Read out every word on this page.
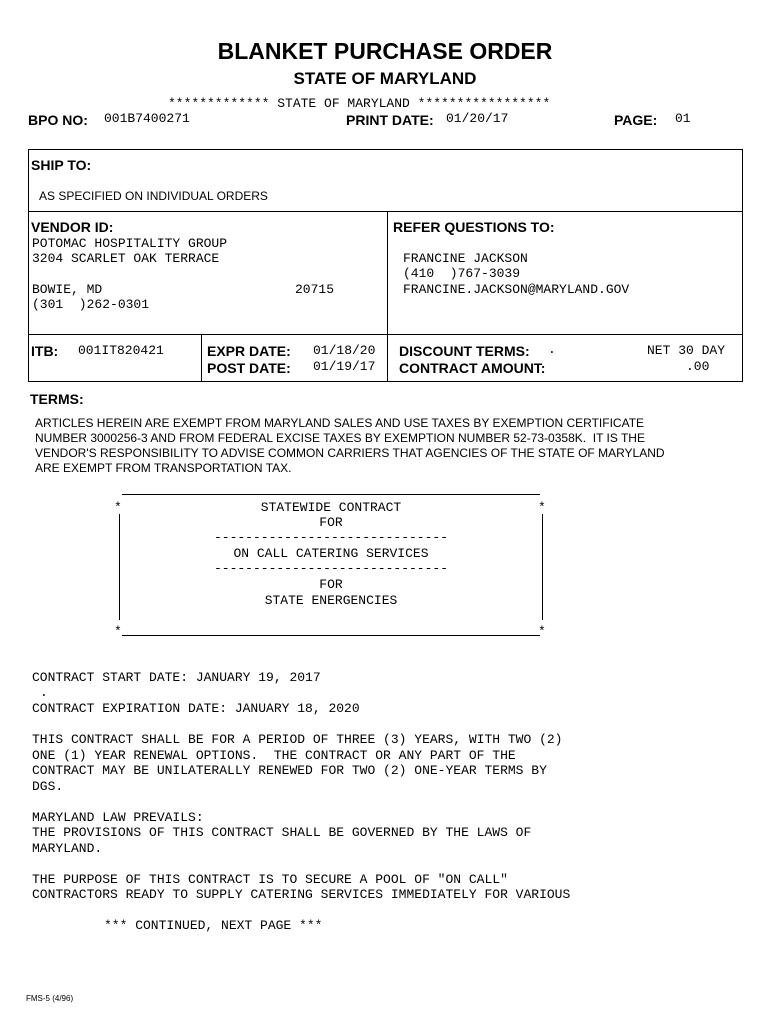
BLANKET PURCHASE ORDER
STATE OF MARYLAND
************* STATE OF MARYLAND *****************
BPO NO: 001B7400271	PRINT DATE: 01/20/17	PAGE: 01
SHIP TO:
AS SPECIFIED ON INDIVIDUAL ORDERS
VENDOR ID:
POTOMAC HOSPITALITY GROUP
3204 SCARLET OAK TERRACE
BOWIE, MD	20715
(301  )262-0301
REFER QUESTIONS TO:
FRANCINE JACKSON
(410  )767-3039
FRANCINE.JACKSON@MARYLAND.GOV
ITB: 001IT820421	EXPR DATE: 01/18/20
POST DATE: 01/19/17
DISCOUNT TERMS: .	NET 30 DAY
CONTRACT AMOUNT:	.00
TERMS:
ARTICLES HEREIN ARE EXEMPT FROM MARYLAND SALES AND USE TAXES BY EXEMPTION CERTIFICATE
NUMBER 3000256-3 AND FROM FEDERAL EXCISE TAXES BY EXEMPTION NUMBER 52-73-0358K.  IT IS THE
VENDOR'S RESPONSIBILITY TO ADVISE COMMON CARRIERS THAT AGENCIES OF THE STATE OF MARYLAND
ARE EXEMPT FROM TRANSPORTATION TAX.
*	*
*	*
STATEWIDE CONTRACT
FOR
------------------------------
ON CALL CATERING SERVICES
------------------------------
FOR
STATE ENERGENCIES
CONTRACT START DATE: JANUARY 19, 2017
.
CONTRACT EXPIRATION DATE: JANUARY 18, 2020
THIS CONTRACT SHALL BE FOR A PERIOD OF THREE (3) YEARS, WITH TWO (2)
ONE (1) YEAR RENEWAL OPTIONS.  THE CONTRACT OR ANY PART OF THE
CONTRACT MAY BE UNILATERALLY RENEWED FOR TWO (2) ONE-YEAR TERMS BY
DGS.
MARYLAND LAW PREVAILS:
THE PROVISIONS OF THIS CONTRACT SHALL BE GOVERNED BY THE LAWS OF
MARYLAND.
THE PURPOSE OF THIS CONTRACT IS TO SECURE A POOL OF "ON CALL"
CONTRACTORS READY TO SUPPLY CATERING SERVICES IMMEDIATELY FOR VARIOUS
*** CONTINUED, NEXT PAGE ***
FMS-5 (4/96)
